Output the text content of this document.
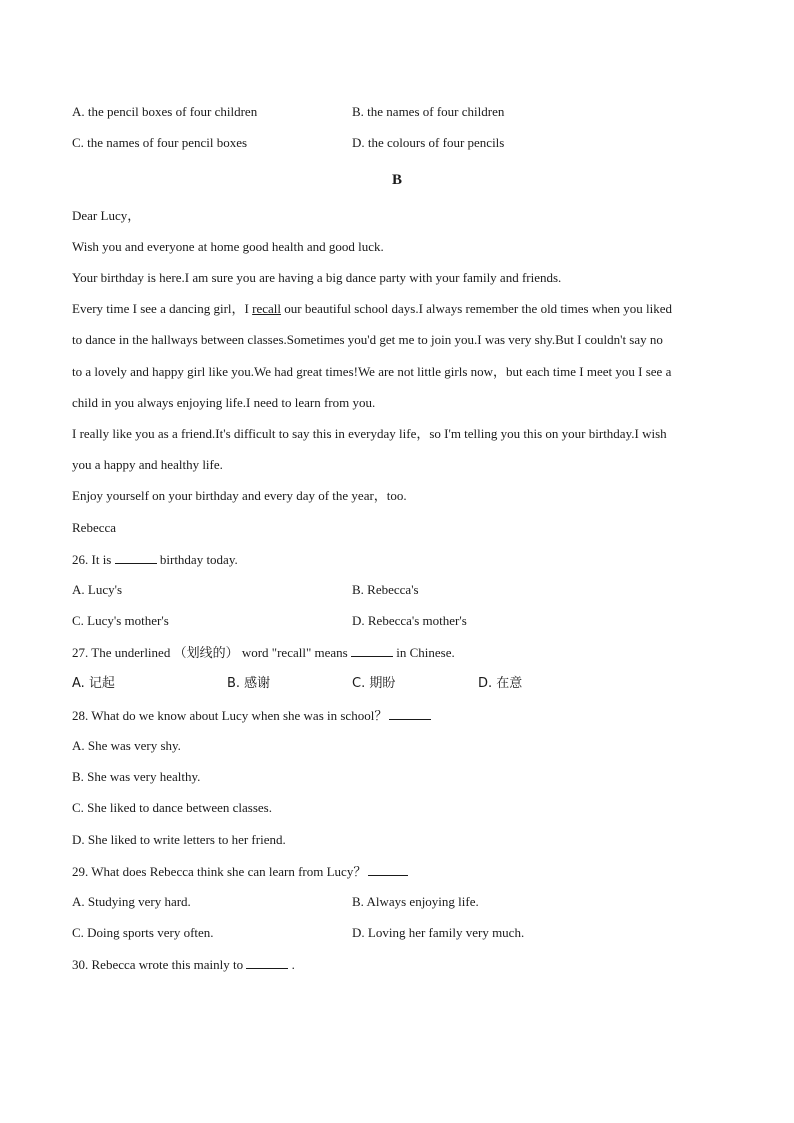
A. the pencil boxes of four children	B. the names of four children
C. the names of four pencil boxes	D. the colours of four pencils
B
Dear Lucy，
Wish you and everyone at home good health and good luck.
Your birthday is here.I am sure you are having a big dance party with your family and friends.
Every time I see a dancing girl，I recall our beautiful school days.I always remember the old times when you liked
to dance in the hallways between classes.Sometimes you'd get me to join you.I was very shy.But I couldn't say no
to a lovely and happy girl like you.We had great times!We are not little girls now，but each time I meet you I see a
child in you always enjoying life.I need to learn from you.
I really like you as a friend.It's difficult to say this in everyday life，so I'm telling you this on your birthday.I wish
you a happy and healthy life.
Enjoy yourself on your birthday and every day of the year，too.
Rebecca
26. It is	birthday today.
A. Lucy's	B. Rebecca's
C. Lucy's mother's	D. Rebecca's mother's
27. The underlined （划线的） word "recall" means	in Chinese.
A. 记起	B. 感谢	C. 期盼	D. 在意
28. What do we know about Lucy when she was in school？
A. She was very shy.
B. She was very healthy.
C. She liked to dance between classes.
D. She liked to write letters to her friend.
29. What does Rebecca think she can learn from Lucy？
A. Studying very hard.	B. Always enjoying life.
C. Doing sports very often.	D. Loving her family very much.
30. Rebecca wrote this mainly to	.
